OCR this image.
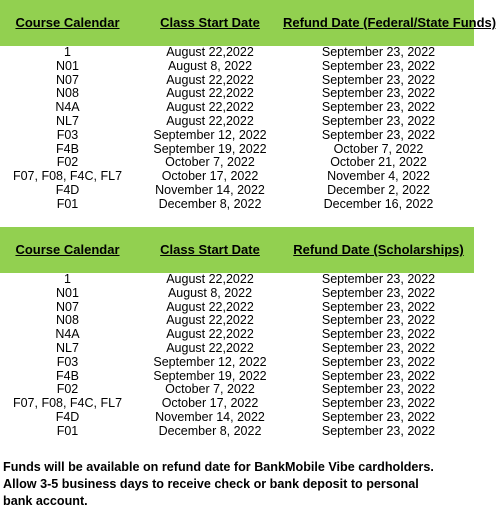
Course Calendar	Class Start Date	Refund Date (Federal/State Funds)
1	August 22,2022	September 23, 2022
N01	August 8, 2022	September 23, 2022
N07	August 22,2022	September 23, 2022
N08	August 22,2022	September 23, 2022
N4A	August 22,2022	September 23, 2022
NL7	August 22,2022	September 23, 2022
F03	September 12, 2022	September 23, 2022
F4B	September 19, 2022	October 7, 2022
F02	October 7, 2022	October 21, 2022
F07, F08, F4C, FL7	October 17, 2022	November 4, 2022
F4D	November 14, 2022	December 2, 2022
F01	December 8, 2022	December 16, 2022
Course Calendar	Class Start Date	Refund Date (Scholarships)
1	August 22,2022	September 23, 2022
N01	August 8, 2022	September 23, 2022
N07	August 22,2022	September 23, 2022
N08	August 22,2022	September 23, 2022
N4A	August 22,2022	September 23, 2022
NL7	August 22,2022	September 23, 2022
F03	September 12, 2022	September 23, 2022
F4B	September 19, 2022	September 23, 2022
F02	October 7, 2022	September 23, 2022
F07, F08, F4C, FL7	October 17, 2022	September 23, 2022
F4D	November 14, 2022	September 23, 2022
F01	December 8, 2022	September 23, 2022
Funds will be available on refund date for BankMobile Vibe cardholders.
Allow 3-5 business days to receive check or bank deposit to personal
bank account.
